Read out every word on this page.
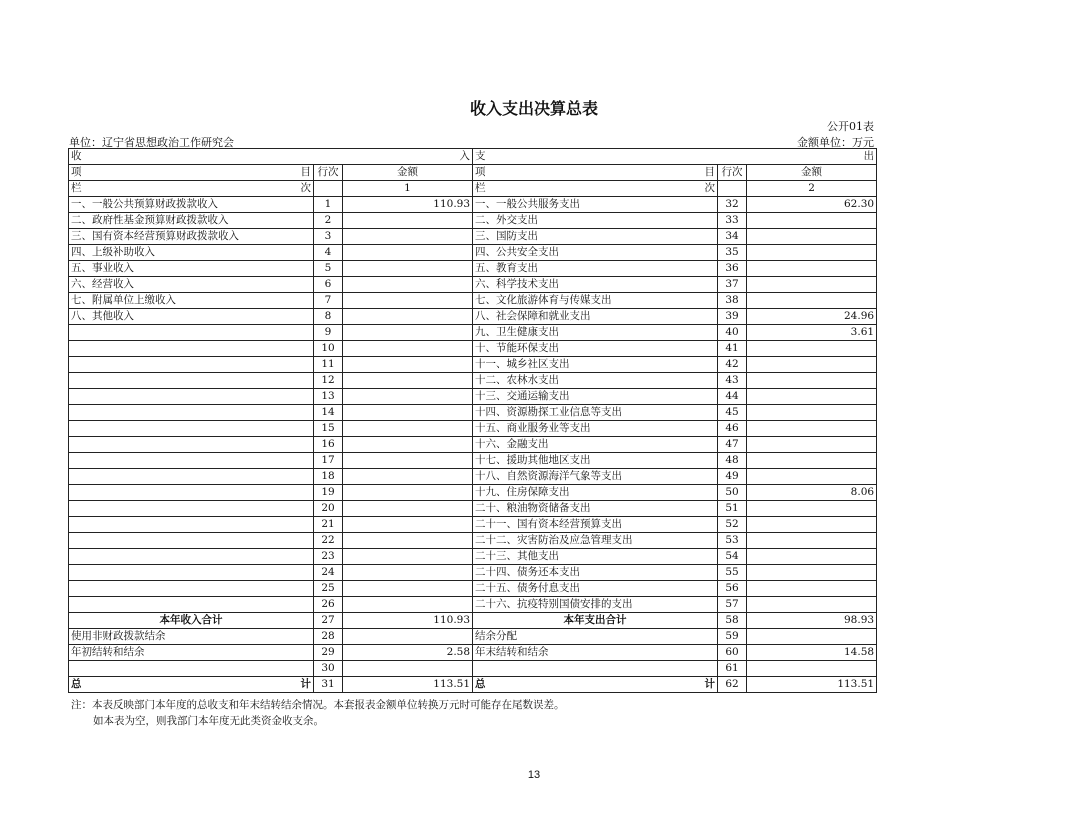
收入支出决算总表
公开01表
单位：辽宁省思想政治工作研究会	金额单位：万元
收 入			支 出		

项 目	行次	金额	项 目	行次	金额

栏 次		1	栏 次		2
一、一般公共预算财政拨款收入	1	110.93	一、一般公共服务支出	32	62.30
二、政府性基金预算财政拨款收入	2		二、外交支出	33	
三、国有资本经营预算财政拨款收入	3		三、国防支出	34	
四、上级补助收入	4		四、公共安全支出	35	
五、事业收入	5		五、教育支出	36	
六、经营收入	6		六、科学技术支出	37	
七、附属单位上缴收入	7		七、文化旅游体育与传媒支出	38	
八、其他收入	8		八、社会保障和就业支出	39	24.96
	9		九、卫生健康支出	40	3.61
	10		十、节能环保支出	41	
	11		十一、城乡社区支出	42	
	12		十二、农林水支出	43	
	13		十三、交通运输支出	44	
	14		十四、资源勘探工业信息等支出	45	
	15		十五、商业服务业等支出	46	
	16		十六、金融支出	47	
	17		十七、援助其他地区支出	48	
	18		十八、自然资源海洋气象等支出	49	
	19		十九、住房保障支出	50	8.06
	20		二十、粮油物资储备支出	51	
	21		二十一、国有资本经营预算支出	52	
	22		二十二、灾害防治及应急管理支出	53	
	23		二十三、其他支出	54	
	24		二十四、债务还本支出	55	
	25		二十五、债务付息支出	56	
	26		二十六、抗疫特别国债安排的支出	57	
本年收入合计	27	110.93	本年支出合计	58	98.93
使用非财政拨款结余	28		结余分配	59	
年初结转和结余	29	2.58	年末结转和结余	60	14.58
	30			61	

总 计	31	113.51	总 计	62	113.51
注：本表反映部门本年度的总收支和年末结转结余情况。本套报表金额单位转换万元时可能存在尾数误差。
如本表为空，则我部门本年度无此类资金收支余。
13
